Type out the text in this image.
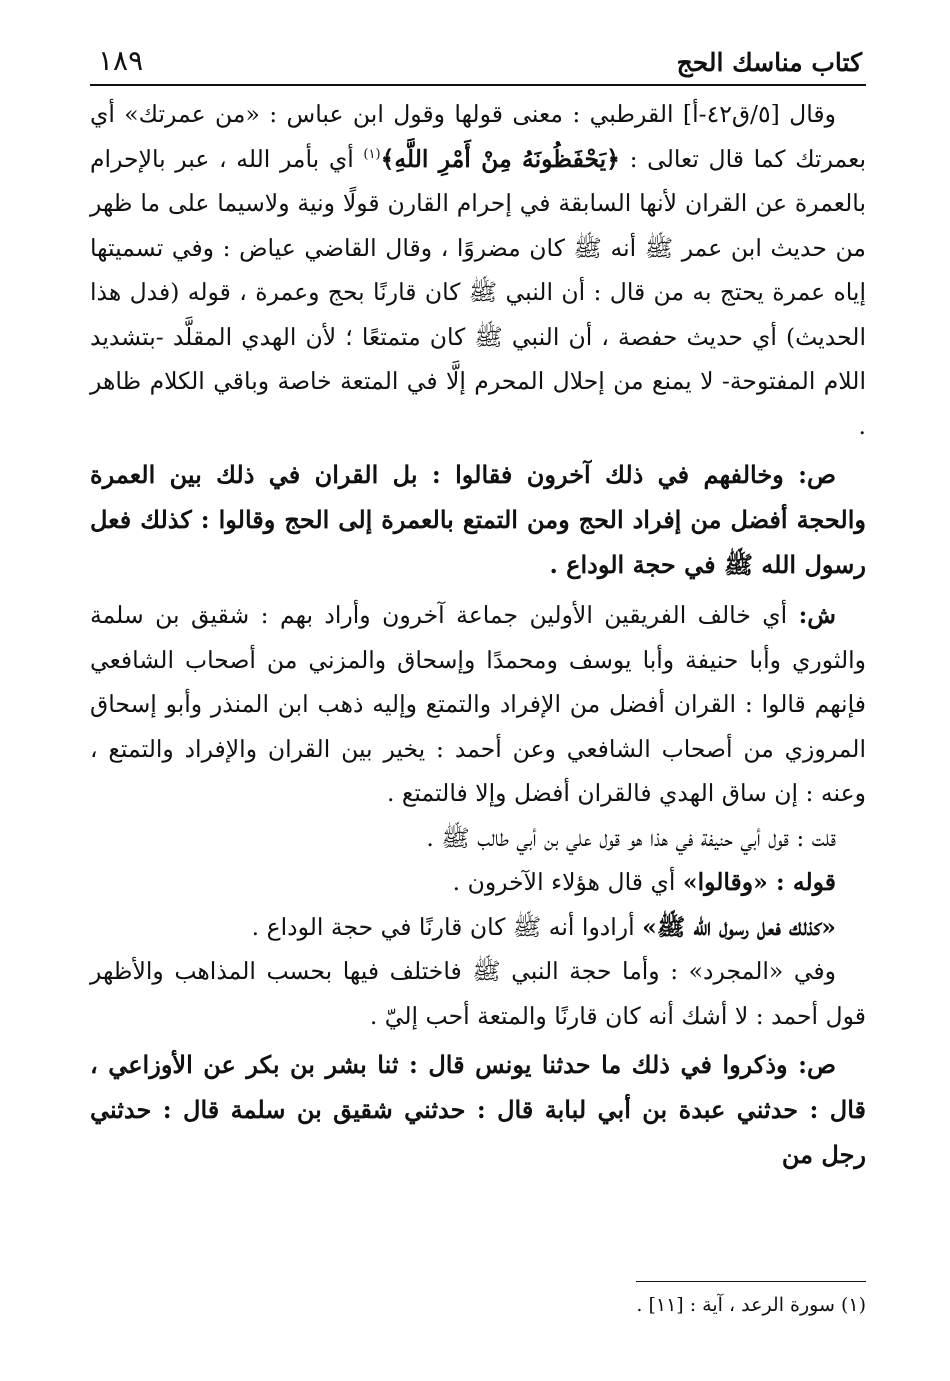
كتاب مناسك الحج
١٨٩

وقال [٥/ق٤٢-أ] القرطبي : معنى قولها وقول ابن عباس : «من عمرتك» أي بعمرتك كما قال تعالى : ﴿يَحْفَظُونَهُ مِنْ أَمْرِ اللَّهِ﴾$^{(١)}$ أي بأمر الله ، عبر بالإحرام بالعمرة عن القران لأنها السابقة في إحرام القارن قولًا ونية ولاسيما على ما ظهر من حديث ابن عمر ﷺ أنه ﷺ كان مضروًا ، وقال القاضي عياض : وفي تسميتها إياه عمرة يحتج به من قال : أن النبي ﷺ كان قارنًا بحج وعمرة ، قوله (فدل هذا الحديث) أي حديث حفصة ، أن النبي ﷺ كان متمتعًا ؛ لأن الهدي المقلَّد -بتشديد اللام المفتوحة- لا يمنع من إحلال المحرم إلَّا في المتعة خاصة وباقي الكلام ظاهر .

ص: وخالفهم في ذلك آخرون فقالوا : بل القران في ذلك بين العمرة والحجة أفضل من إفراد الحج ومن التمتع بالعمرة إلى الحج وقالوا : كذلك فعل رسول الله ﷺ في حجة الوداع .

ش: أي خالف الفريقين الأولين جماعة آخرون وأراد بهم : شقيق بن سلمة والثوري وأبا حنيفة وأبا يوسف ومحمدًا وإسحاق والمزني من أصحاب الشافعي فإنهم قالوا : القران أفضل من الإفراد والتمتع وإليه ذهب ابن المنذر وأبو إسحاق المروزي من أصحاب الشافعي وعن أحمد : يخير بين القران والإفراد والتمتع ، وعنه : إن ساق الهدي فالقران أفضل وإلا فالتمتع .

قلت : قول أبي حنيفة في هذا هو قول علي بن أبي طالب ﷺ .

قوله : «وقالوا» أي قال هؤلاء الآخرون .

«كذلك فعل رسول الله ﷺ» أرادوا أنه ﷺ كان قارنًا في حجة الوداع .

وفي «المجرد» : وأما حجة النبي ﷺ فاختلف فيها بحسب المذاهب والأظهر قول أحمد : لا أشك أنه كان قارنًا والمتعة أحب إليّ .

ص: وذكروا في ذلك ما حدثنا يونس قال : ثنا بشر بن بكر عن الأوزاعي ، قال : حدثني عبدة بن أبي لبابة قال : حدثني شقيق بن سلمة قال : حدثني رجل من

(١) سورة الرعد ، آية : [١١] .
